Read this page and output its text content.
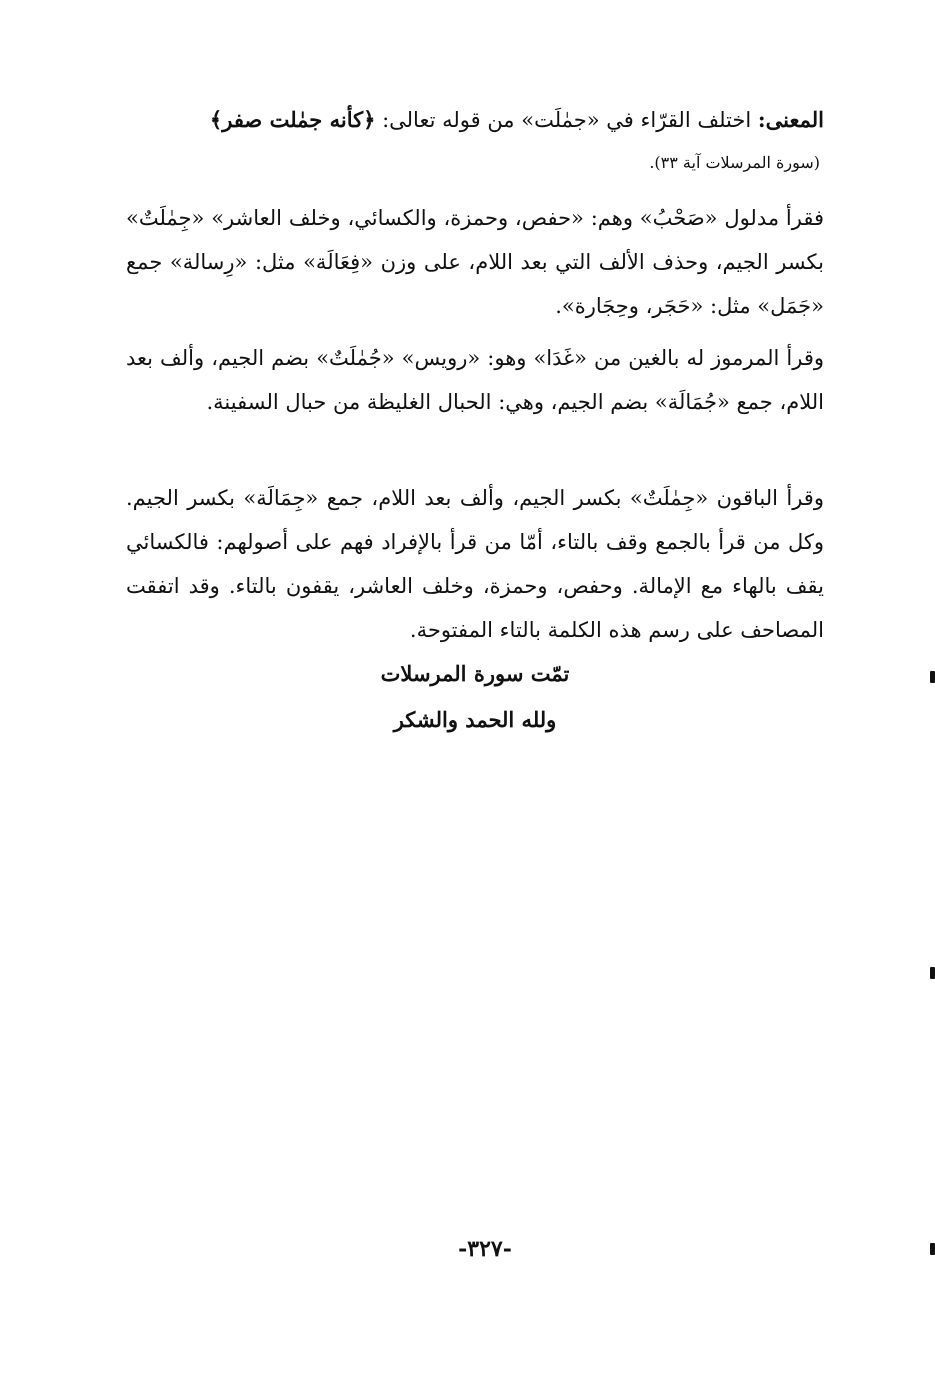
المعنى: اختلف القرّاء في «جمٰلَت» من قوله تعالى: ﴿كأنه جمٰلت صفر﴾
(سورة المرسلات آية ٣٣).
فقرأ مدلول «صَحْبُ» وهم: «حفص، وحمزة، والكسائي، وخلف العاشر» «جِمٰلَتٌ» بكسر الجيم، وحذف الألف التي بعد اللام، على وزن «فِعَالَة» مثل: «رِسالة» جمع «جَمَل» مثل: «حَجَر، وحِجَارة».
وقرأ المرموز له بالغين من «غَدَا» وهو: «رويس» «جُمٰلَتٌ» بضم الجيم، وألف بعد اللام، جمع «جُمَالَة» بضم الجيم، وهي: الحبال الغليظة من حبال السفينة.
وقرأ الباقون «جِمٰلَتٌ» بكسر الجيم، وألف بعد اللام، جمع «جِمَالَة» بكسر الجيم. وكل من قرأ بالجمع وقف بالتاء، أمّا من قرأ بالإفراد فهم على أصولهم: فالكسائي يقف بالهاء مع الإمالة. وحفص، وحمزة، وخلف العاشر، يقفون بالتاء. وقد اتفقت المصاحف على رسم هذه الكلمة بالتاء المفتوحة.
تمّت سورة المرسلات
ولله الحمد والشكر
-٣٢٧-
